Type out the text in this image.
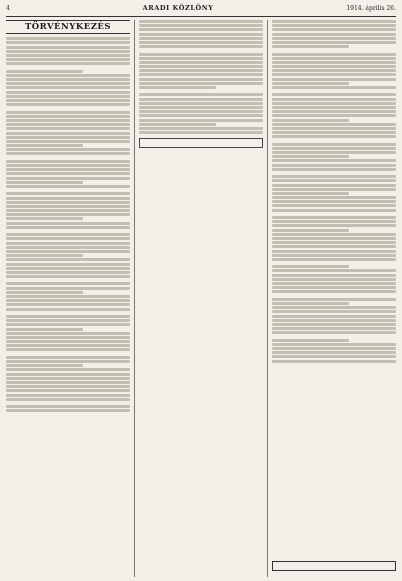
4	ARADI KÖZLÖNY	1914. április 26.
TÖRVÉNYKEZÉS
